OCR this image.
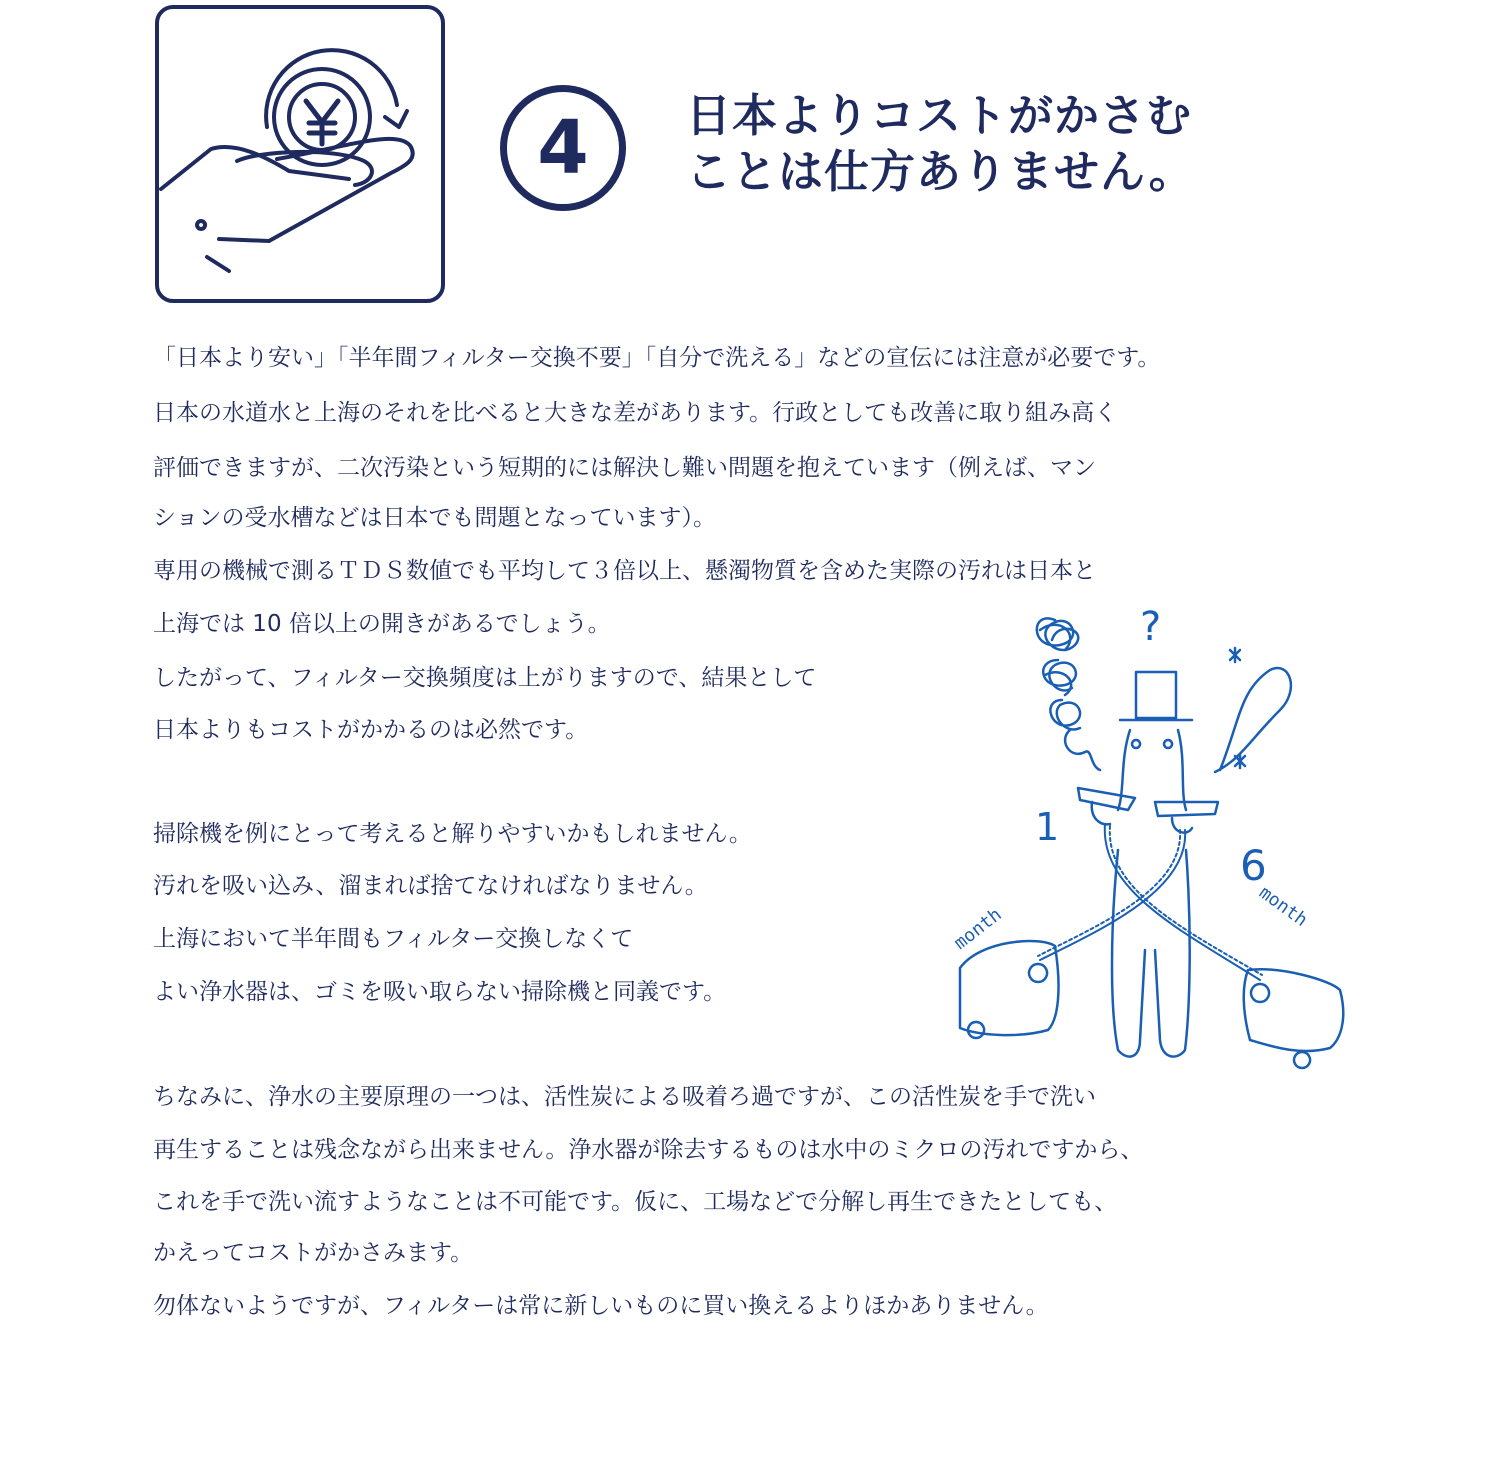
4 日本よりコストがかさむ
ことは仕方ありません。

「日本より安い」「半年間フィルター交換不要」「自分で洗える」などの宣伝には注意が必要です。

日本の水道水と上海のそれを比べると大きな差があります。行政としても改善に取り組み高く

評価できますが、二次汚染という短期的には解決し難い問題を抱えています（例えば、マン

ションの受水槽などは日本でも問題となっています）。

専用の機械で測るＴＤＳ数値でも平均して３倍以上、懸濁物質を含めた実際の汚れは日本と

上海では 10 倍以上の開きがあるでしょう。

したがって、フィルター交換頻度は上がりますので、結果として

日本よりもコストがかかるのは必然です。

掃除機を例にとって考えると解りやすいかもしれません。

汚れを吸い込み、溜まれば捨てなければなりません。

上海において半年間もフィルター交換しなくて

よい浄水器は、ゴミを吸い取らない掃除機と同義です。

ちなみに、浄水の主要原理の一つは、活性炭による吸着ろ過ですが、この活性炭を手で洗い

再生することは残念ながら出来ません。浄水器が除去するものは水中のミクロの汚れですから、

これを手で洗い流すようなことは不可能です。仮に、工場などで分解し再生できたとしても、

かえってコストがかさみます。

勿体ないようですが、フィルターは常に新しいものに買い換えるよりほかありません。

?
1
month
6
month
